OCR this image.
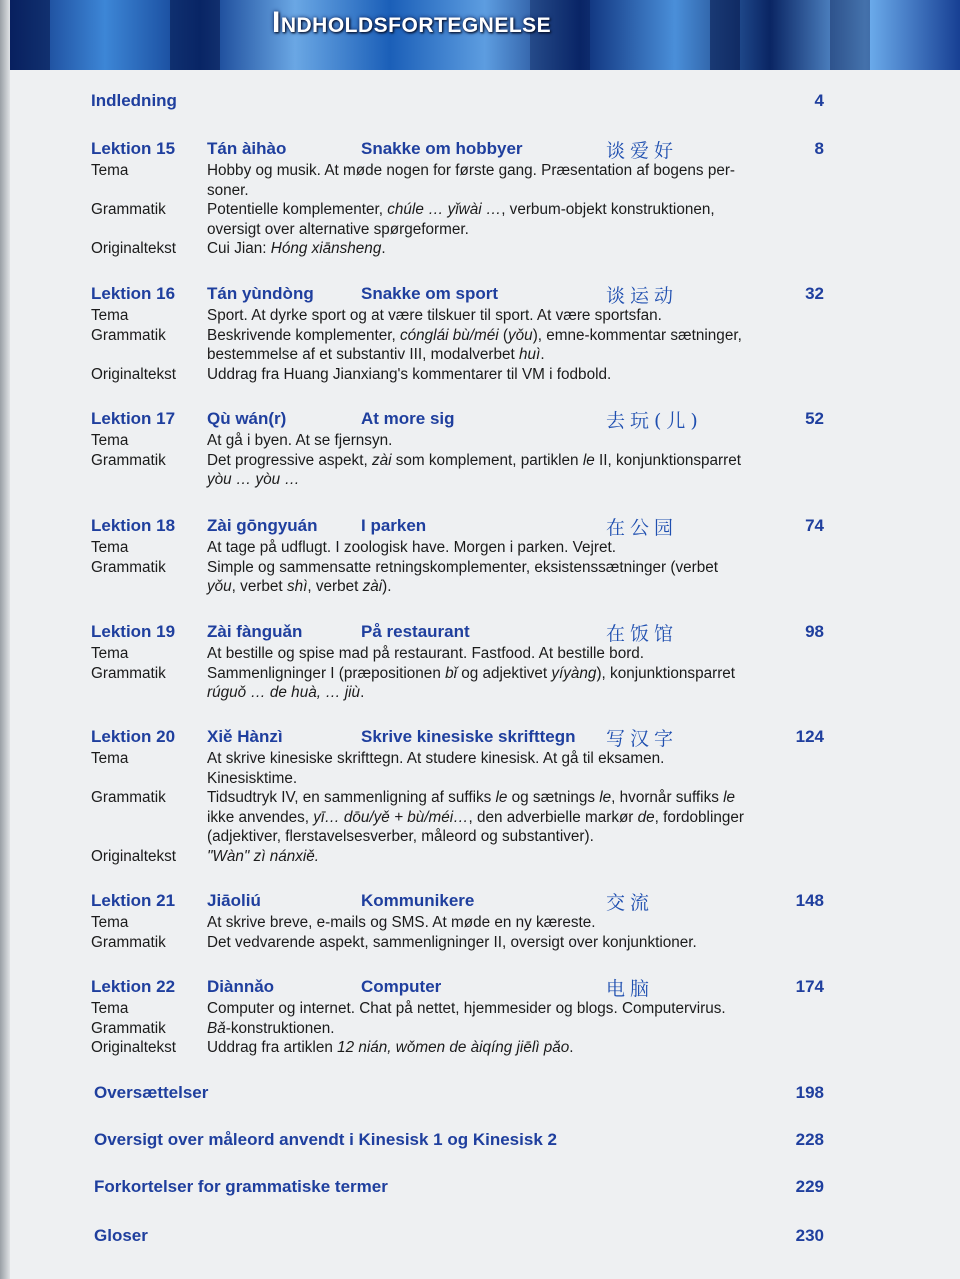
Indholdsfortegnelse
Indledning	4
Lektion 15 Tán àihào	Snakke om hobbyer	谈爱好	8
Tema	Hobby og musik. At møde nogen for første gang. Præsentation af bogens per-
soner.
Grammatik	Potentielle komplementer, chúle … yǐwài …, verbum-objekt konstruktionen,
oversigt over alternative spørgeformer.
Originaltekst Cui Jian: Hóng xiānsheng.
Lektion 16 Tán yùndòng	Snakke om sport	谈运动	32
Tema	Sport. At dyrke sport og at være tilskuer til sport. At være sportsfan.
Grammatik	Beskrivende komplementer, cónglái bù/méi (yǒu), emne-kommentar sætninger,
bestemmelse af et substantiv III, modalverbet huì.
Originaltekst Uddrag fra Huang Jianxiang's kommentarer til VM i fodbold.
Lektion 17 Qù wán(r)	At more sig	去玩(儿)	52
Tema	At gå i byen. At se fjernsyn.
Grammatik	Det progressive aspekt, zài som komplement, partiklen le II, konjunktionsparret
yòu … yòu …
Lektion 18 Zài gōngyuán	I parken	在公园	74
Tema	At tage på udflugt. I zoologisk have. Morgen i parken. Vejret.
Grammatik	Simple og sammensatte retningskomplementer, eksistenssætninger (verbet
yǒu, verbet shì, verbet zài).
Lektion 19 Zài fànguǎn	På restaurant	在饭馆	98
Tema	At bestille og spise mad på restaurant. Fastfood. At bestille bord.
Grammatik	Sammenligninger I (præpositionen bǐ og adjektivet yíyàng), konjunktionsparret
rúguǒ … de huà, … jiù.
Lektion 20 Xiě Hànzì	Skrive kinesiske skrifttegn 写汉字	124
Tema	At skrive kinesiske skrifttegn. At studere kinesisk. At gå til eksamen.
Kinesisktime.
Grammatik	Tidsudtryk IV, en sammenligning af suffiks le og sætnings le, hvornår suffiks le
ikke anvendes, yī… dōu/yě + bù/méi…, den adverbielle markør de, fordoblinger
(adjektiver, flerstavelsesverber, måleord og substantiver).
Originaltekst "Wàn" zì nánxiě.
Lektion 21 Jiāoliú	Kommunikere	交流	148
Tema	At skrive breve, e-mails og SMS. At møde en ny kæreste.
Grammatik	Det vedvarende aspekt, sammenligninger II, oversigt over konjunktioner.
Lektion 22 Diànnǎo	Computer	电脑	174
Tema	Computer og internet. Chat på nettet, hjemmesider og blogs. Computervirus.
Grammatik	Bǎ-konstruktionen.
Originaltekst Uddrag fra artiklen 12 nián, wǒmen de àiqíng jiēlì pǎo.
Oversættelser	198
Oversigt over måleord anvendt i Kinesisk 1 og Kinesisk 2	228
Forkortelser for grammatiske termer	229
Gloser	230
